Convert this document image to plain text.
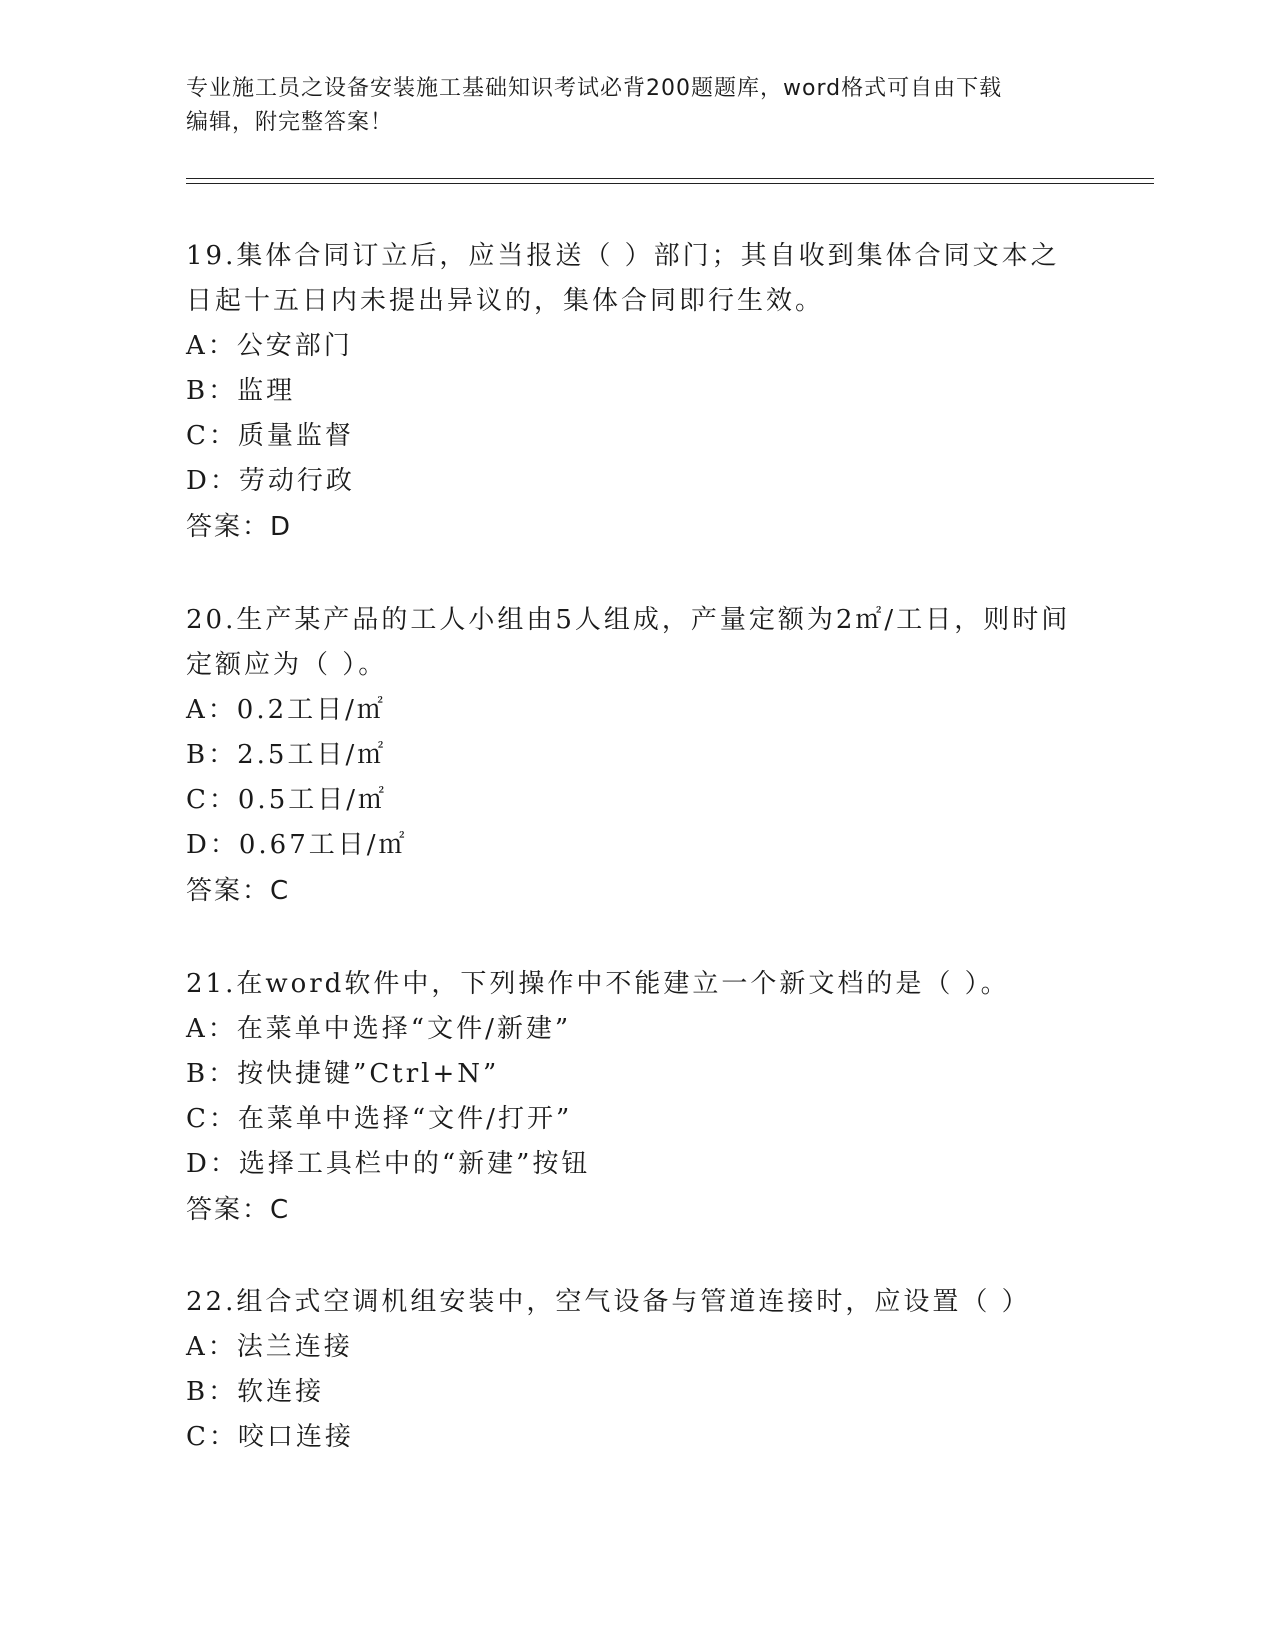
专业施工员之设备安装施工基础知识考试必背200题题库，word格式可自由下载
编辑，附完整答案！

19.集体合同订立后，应当报送（ ）部门；其自收到集体合同文本之
日起十五日内未提出异议的，集体合同即行生效。

A：公安部门

B：监理

C：质量监督

D：劳动行政

答案：D

20.生产某产品的工人小组由5人组成，产量定额为2㎡/工日，则时间
定额应为（ ）。

A：0.2工日/㎡

B：2.5工日/㎡

C：0.5工日/㎡

D：0.67工日/㎡

答案：C

21.在word软件中，下列操作中不能建立一个新文档的是（ ）。

A：在菜单中选择“文件/新建”

B：按快捷键”Ctrl+N”

C：在菜单中选择“文件/打开”

D：选择工具栏中的“新建”按钮

答案：C

22.组合式空调机组安装中，空气设备与管道连接时，应设置（ ）

A：法兰连接

B：软连接

C：咬口连接
